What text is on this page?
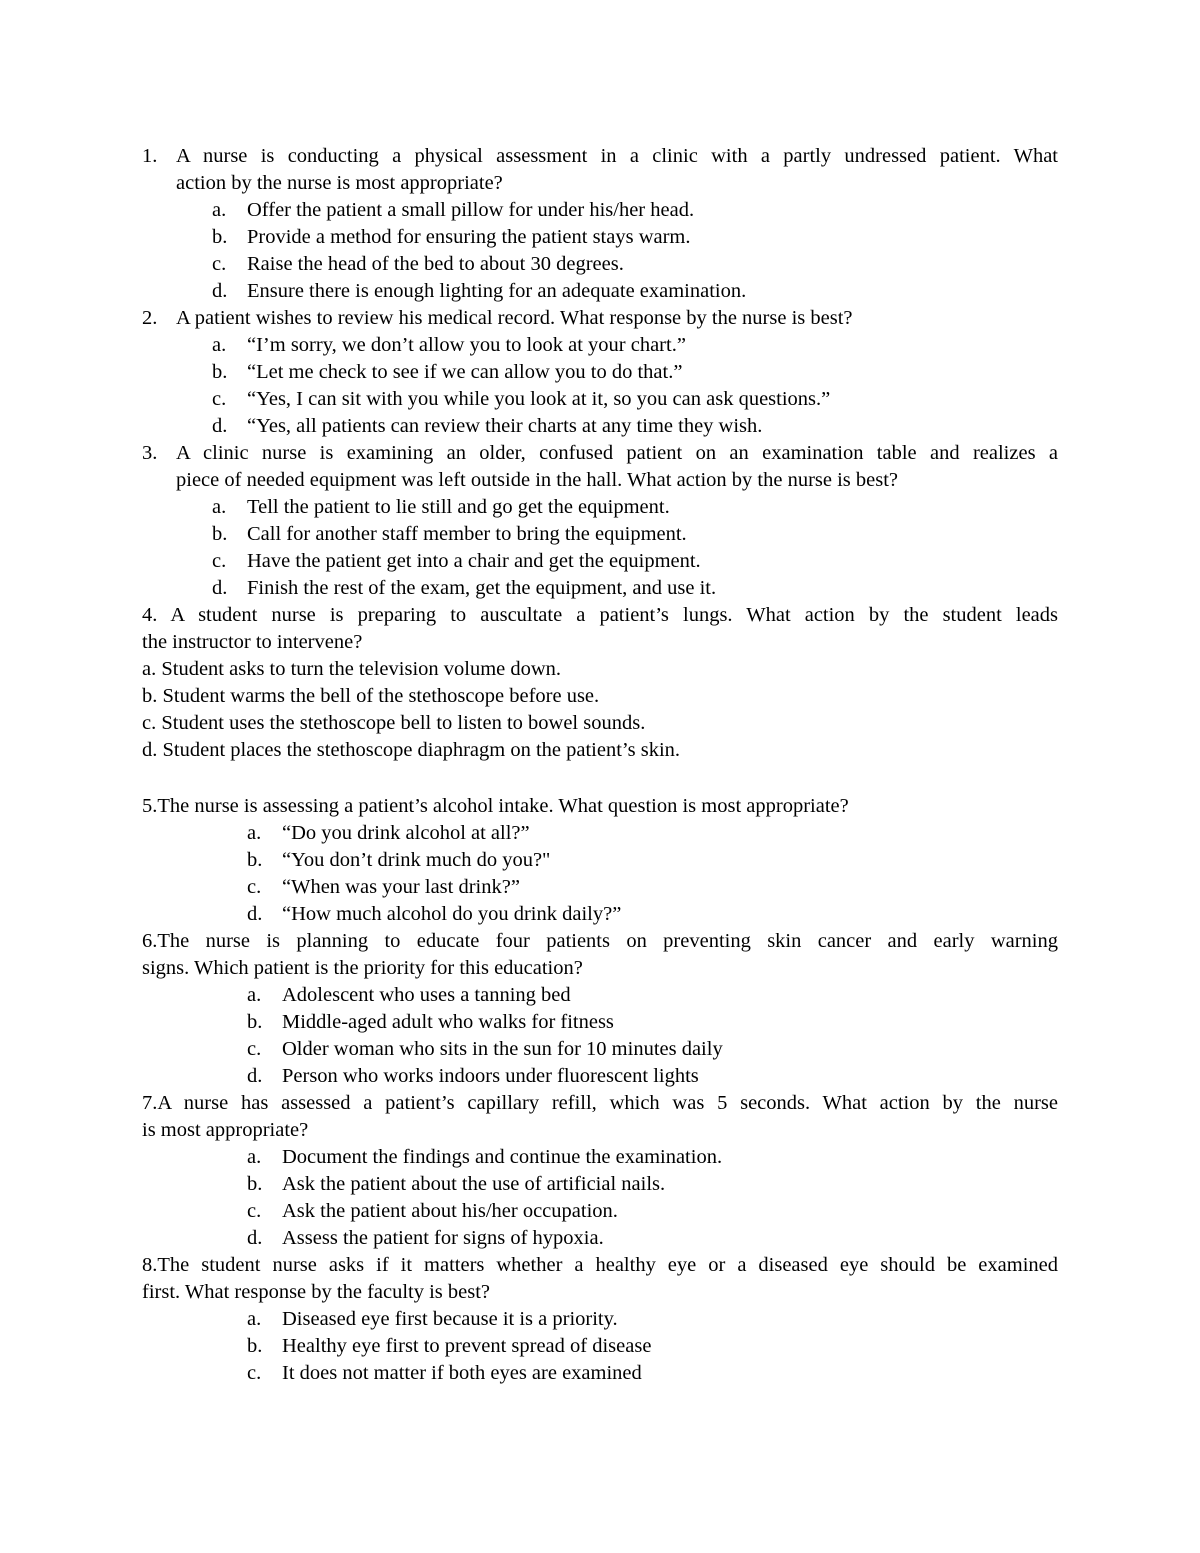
1. A nurse is conducting a physical assessment in a clinic with a partly undressed patient. What
action by the nurse is most appropriate?
a. Offer the patient a small pillow for under his/her head.
b. Provide a method for ensuring the patient stays warm.
c. Raise the head of the bed to about 30 degrees.
d. Ensure there is enough lighting for an adequate examination.
2. A patient wishes to review his medical record. What response by the nurse is best?
a. “I’m sorry, we don’t allow you to look at your chart.”
b. “Let me check to see if we can allow you to do that.”
c. “Yes, I can sit with you while you look at it, so you can ask questions.”
d. “Yes, all patients can review their charts at any time they wish.
3. A clinic nurse is examining an older, confused patient on an examination table and realizes a
piece of needed equipment was left outside in the hall. What action by the nurse is best?
a. Tell the patient to lie still and go get the equipment.
b. Call for another staff member to bring the equipment.
c. Have the patient get into a chair and get the equipment.
d. Finish the rest of the exam, get the equipment, and use it.
4. A student nurse is preparing to auscultate a patient’s lungs. What action by the student leads
the instructor to intervene?
a. Student asks to turn the television volume down.
b. Student warms the bell of the stethoscope before use.
c. Student uses the stethoscope bell to listen to bowel sounds.
d. Student places the stethoscope diaphragm on the patient’s skin.
5.The nurse is assessing a patient’s alcohol intake. What question is most appropriate?
a. “Do you drink alcohol at all?”
b. “You don’t drink much do you?"
c. “When was your last drink?”
d. “How much alcohol do you drink daily?”
6.The nurse is planning to educate four patients on preventing skin cancer and early warning
signs. Which patient is the priority for this education?
a. Adolescent who uses a tanning bed
b. Middle-aged adult who walks for fitness
c. Older woman who sits in the sun for 10 minutes daily
d. Person who works indoors under fluorescent lights
7.A nurse has assessed a patient’s capillary refill, which was 5 seconds. What action by the nurse
is most appropriate?
a. Document the findings and continue the examination.
b. Ask the patient about the use of artificial nails.
c. Ask the patient about his/her occupation.
d. Assess the patient for signs of hypoxia.
8.The student nurse asks if it matters whether a healthy eye or a diseased eye should be examined
first. What response by the faculty is best?
a. Diseased eye first because it is a priority.
b. Healthy eye first to prevent spread of disease
c. It does not matter if both eyes are examined
